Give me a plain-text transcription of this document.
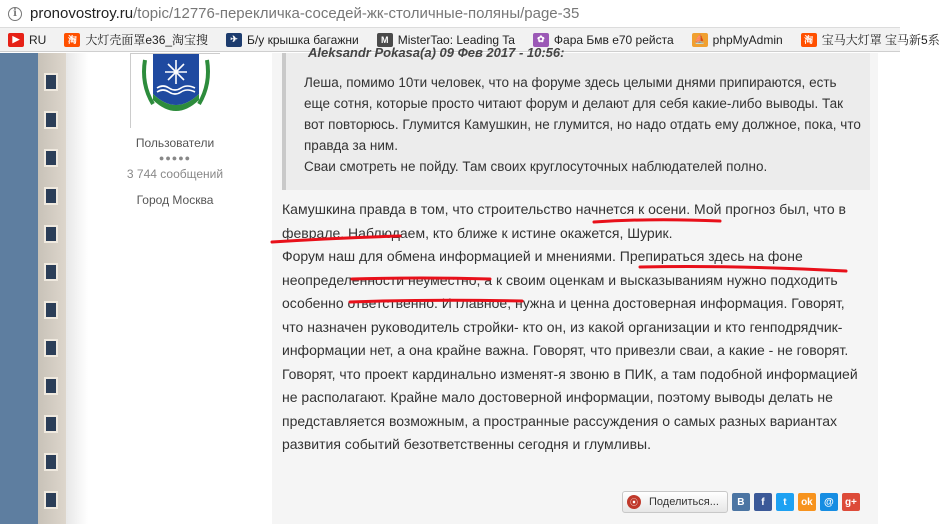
i pronovostroy.ru/topic/12776-перекличка-соседей-жк-столичные-поляны/page-35
▶ RU	淘 大灯壳面罩e36_淘宝搜	✈ Б/у крышка багажни	M MisterTao: Leading Ta	✿ Фара Бмв е70 рейста ⛵ phpMyAdmin	淘 宝马大灯罩 宝马新5系
Пользователи
●●●●●
3 744 сообщений
Город Москва
Aleksandr Pokasa(a) 09 Фев 2017 - 10:56:

Леша, помимо 10ти человек, что на форуме здесь целыми днями припираются, есть еще сотня, которые просто читают форум и делают для себя какие-либо выводы. Так вот повторюсь. Глумится Камушкин, не глумится, но надо отдать ему должное, пока, что правда за ним.

Сваи смотреть не пойду. Там своих круглосуточных наблюдателей полно.

Камушкина правда в том, что строительство начнется к осени. Мой прогноз был, что в феврале. Наблюдаем, кто ближе к истине окажется, Шурик.

Форум наш для обмена информацией и мнениями. Препираться здесь на фоне неопределенности неуместно, а к своим оценкам и высказываниям нужно подходить особенно ответственно. И главное, нужна и ценна достоверная информация. Говорят, что назначен руководитель стройки- кто он, из какой организации и кто генподрядчик-информации нет, а она крайне важна. Говорят, что привезли сваи, а какие - не говорят. Говорят, что проект кардинально изменят-я звоню в ПИК, а там подобной информацией не располагают. Крайне мало достоверной информации, поэтому выводы делать не представляется возможным, а пространные рассуждения о самых разных вариантах развития событий безответственны сегодня и глумливы.

⦿ Поделиться...	B	f	t	ok	@	g+
